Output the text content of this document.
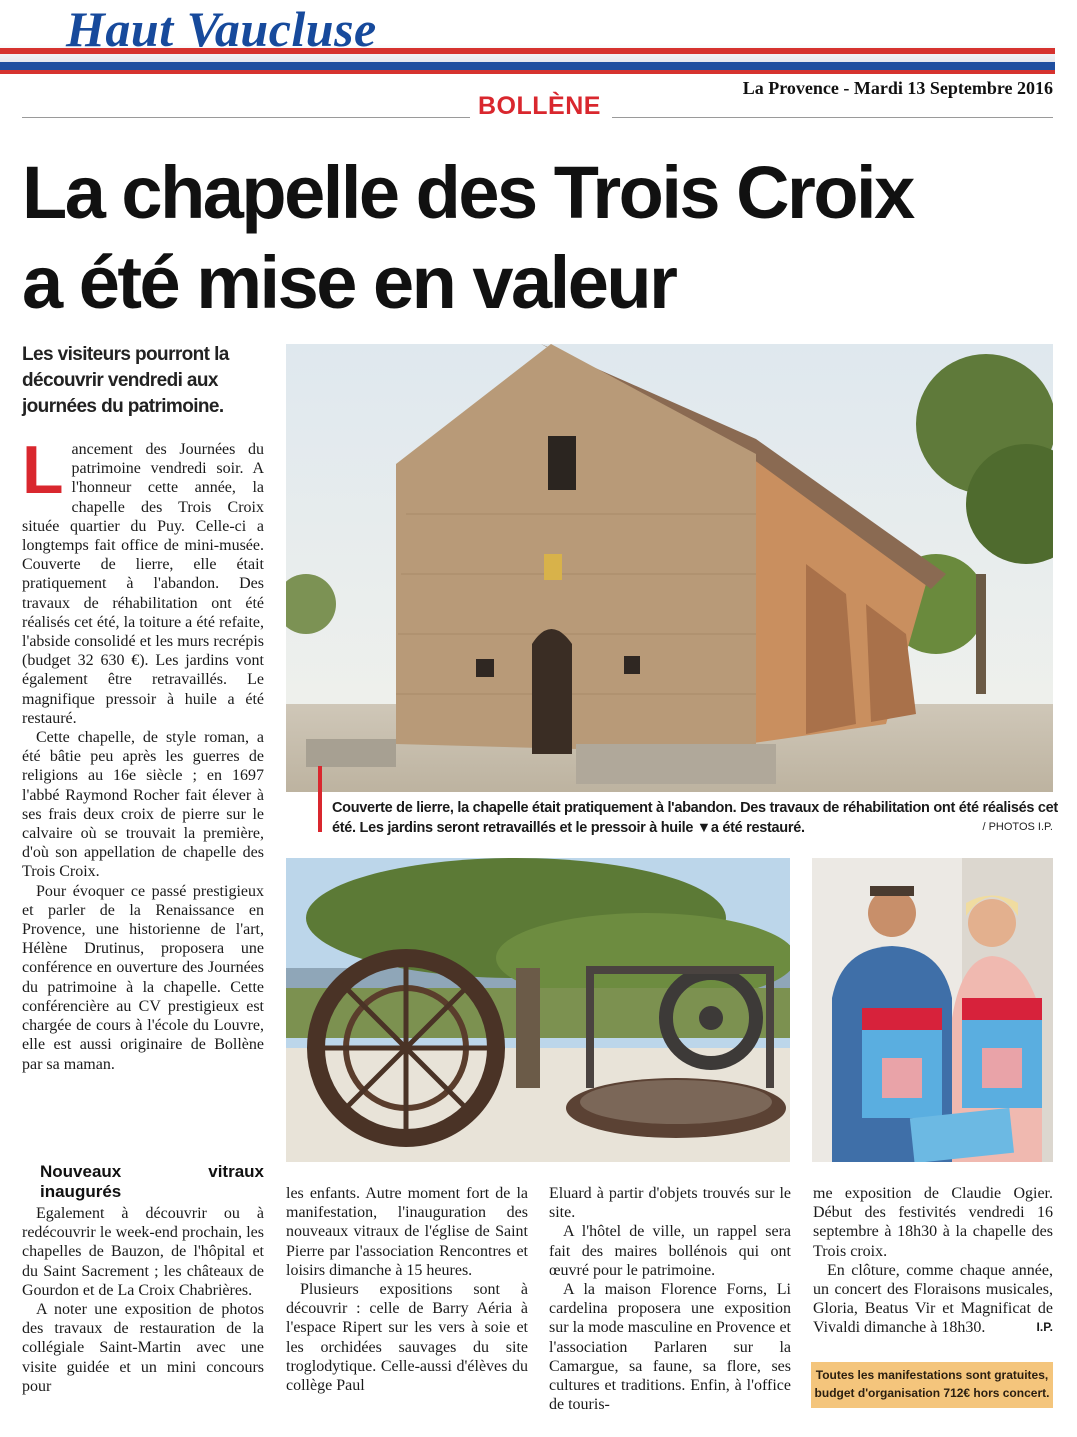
Haut Vaucluse
La Provence - Mardi 13 Septembre 2016
BOLLÈNE
La chapelle des Trois Croix
a été mise en valeur
Les visiteurs pourront la découvrir vendredi aux journées du patrimoine.

Lancement des Journées du patrimoine vendredi soir. A l'honneur cette année, la chapelle des Trois Croix située quartier du Puy. Celle-ci a longtemps fait office de mini-musée. Couverte de lierre, elle était pratiquement à l'abandon. Des travaux de réhabilitation ont été réalisés cet été, la toiture a été refaite, l'abside consolidé et les murs recrépis (budget 32 630 €). Les jardins vont également être retravaillés. Le magnifique pressoir à huile a été restauré.

Cette chapelle, de style roman, a été bâtie peu après les guerres de religions au 16e siècle ; en 1697 l'abbé Raymond Rocher fait élever à ses frais deux croix de pierre sur le calvaire où se trouvait la première, d'où son appellation de chapelle des Trois Croix.

Pour évoquer ce passé prestigieux et parler de la Renaissance en Provence, une historienne de l'art, Hélène Drutinus, proposera une conférence en ouverture des Journées du patrimoine à la chapelle. Cette conférencière au CV prestigieux est chargée de cours à l'école du Louvre, elle est aussi originaire de Bollène par sa maman.

Nouveaux vitraux inaugurés

Egalement à découvrir ou à redécouvrir le week-end prochain, les chapelles de Bauzon, de l'hôpital et du Saint Sacrement ; les châteaux de Gourdon et de La Croix Chabrières.

A noter une exposition de photos des travaux de restauration de la collégiale Saint-Martin avec une visite guidée et un mini concours pour

les enfants. Autre moment fort de la manifestation, l'inauguration des nouveaux vitraux de l'église de Saint Pierre par l'association Rencontres et loisirs dimanche à 15 heures.

Plusieurs expositions sont à découvrir : celle de Barry Aéria à l'espace Ripert sur les vers à soie et les orchidées sauvages du site troglodytique. Celle-aussi d'élèves du collège Paul

Eluard à partir d'objets trouvés sur le site.

A l'hôtel de ville, un rappel sera fait des maires bollénois qui ont œuvré pour le patrimoine.

A la maison Florence Forns, Li cardelina proposera une exposition sur la mode masculine en Provence et l'association Parlaren sur la Camargue, sa faune, sa flore, ses cultures et traditions. Enfin, à l'office de touris-

me exposition de Claudie Ogier. Début des festivités vendredi 16 septembre à 18h30 à la chapelle des Trois croix.

En clôture, comme chaque année, un concert des Floraisons musicales, Gloria, Beatus Vir et Magnificat de Vivaldi dimanche à 18h30.	I.P.

Toutes les manifestations sont gratuites, budget d'organisation 712€ hors concert.
Couverte de lierre, la chapelle était pratiquement à l'abandon. Des travaux de réhabilitation ont été réalisés cet été. Les jardins seront retravaillés et le pressoir à huile ▼a été restauré.	/ PHOTOS I.P.
